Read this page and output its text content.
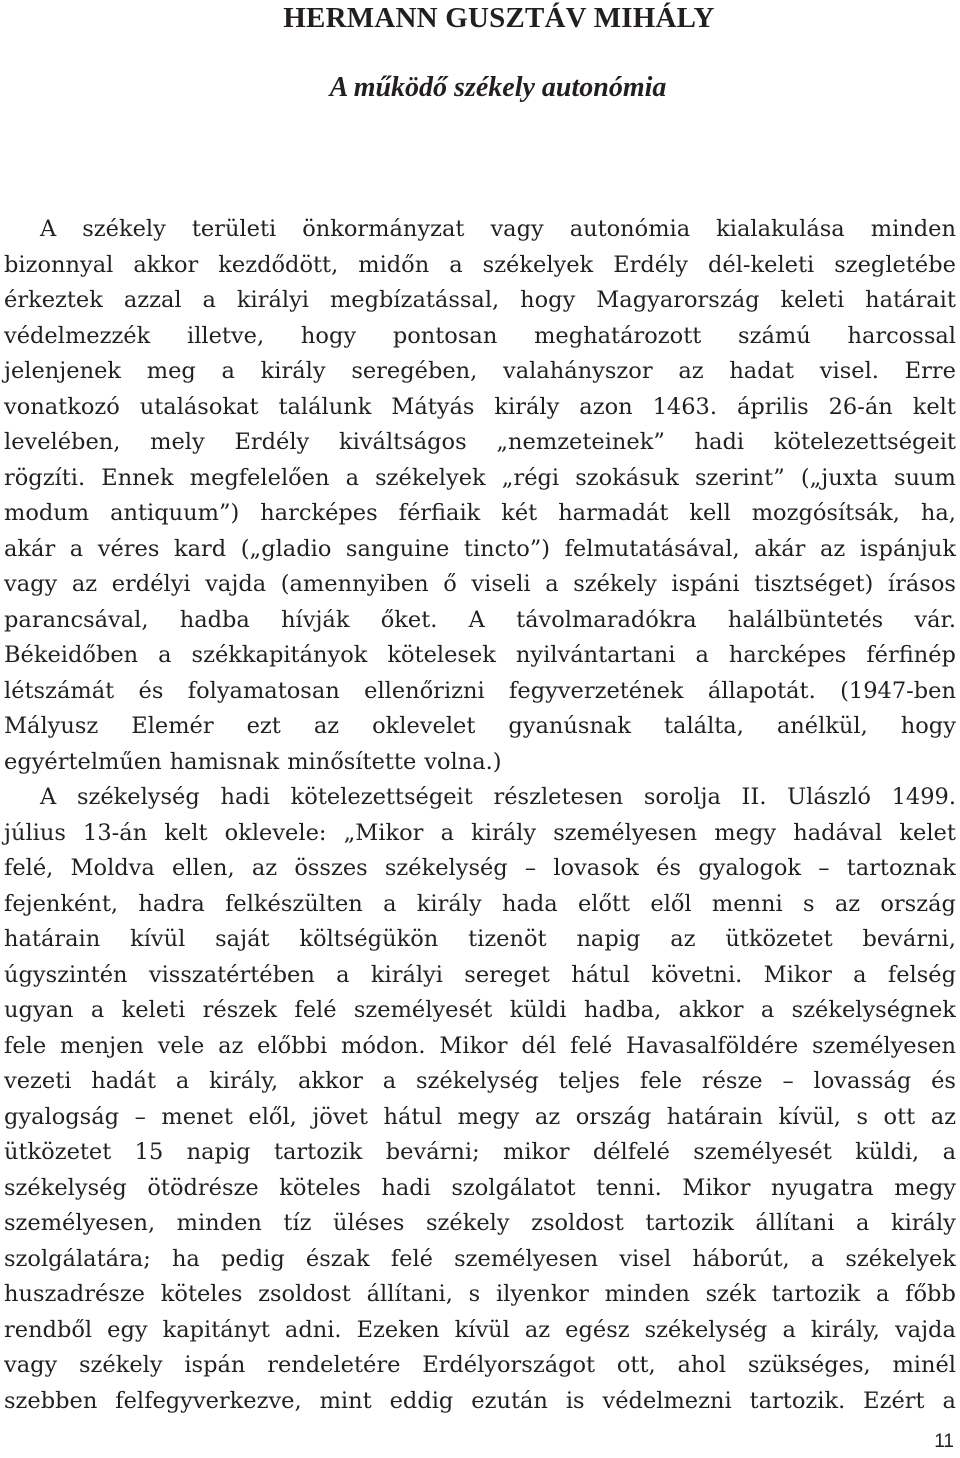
HERMANN GUSZTÁV MIHÁLY
A működő székely autonómia
A székely területi önkormányzat vagy autonómia kialakulása minden
bizonnyal akkor kezdődött, midőn a székelyek Erdély dél-keleti szegletébe
érkeztek azzal a királyi megbízatással, hogy Magyarország keleti határait
védelmezzék illetve, hogy pontosan meghatározott számú harcossal
jelenjenek meg a király seregében, valahányszor az hadat visel. Erre
vonatkozó utalásokat találunk Mátyás király azon 1463. április 26-án kelt
levelében, mely Erdély kiváltságos „nemzeteinek” hadi kötelezettségeit
rögzíti. Ennek megfelelően a székelyek „régi szokásuk szerint” („juxta suum
modum antiquum”) harcképes férfiaik két harmadát kell mozgósítsák, ha,
akár a véres kard („gladio sanguine tincto”) felmutatásával, akár az ispánjuk
vagy az erdélyi vajda (amennyiben ő viseli a székely ispáni tisztséget) írásos
parancsával, hadba hívják őket. A távolmaradókra halálbüntetés vár.
Békeidőben a székkapitányok kötelesek nyilvántartani a harcképes férfinép
létszámát és folyamatosan ellenőrizni fegyverzetének állapotát. (1947-ben
Mályusz Elemér ezt az oklevelet gyanúsnak találta, anélkül, hogy
egyértelműen hamisnak minősítette volna.)
A székelység hadi kötelezettségeit részletesen sorolja II. Ulászló 1499.
július 13-án kelt oklevele: „Mikor a király személyesen megy hadával kelet
felé, Moldva ellen, az összes székelység – lovasok és gyalogok – tartoznak
fejenként, hadra felkészülten a király hada előtt elől menni s az ország
határain kívül saját költségükön tizenöt napig az ütközetet bevárni,
úgyszintén visszatértében a királyi sereget hátul követni. Mikor a felség
ugyan a keleti részek felé személyesét küldi hadba, akkor a székelységnek
fele menjen vele az előbbi módon. Mikor dél felé Havasalföldére személyesen
vezeti hadát a király, akkor a székelység teljes fele része – lovasság és
gyalogság – menet elől, jövet hátul megy az ország határain kívül, s ott az
ütközetet 15 napig tartozik bevárni; mikor délfelé személyesét küldi, a
székelység ötödrésze köteles hadi szolgálatot tenni. Mikor nyugatra megy
személyesen, minden tíz üléses székely zsoldost tartozik állítani a király
szolgálatára; ha pedig észak felé személyesen visel háborút, a székelyek
huszadrésze köteles zsoldost állítani, s ilyenkor minden szék tartozik a főbb
rendből egy kapitányt adni. Ezeken kívül az egész székelység a király, vajda
vagy székely ispán rendeletére Erdélyországot ott, ahol szükséges, minél
szebben felfegyverkezve, mint eddig ezután is védelmezni tartozik. Ezért a

11
